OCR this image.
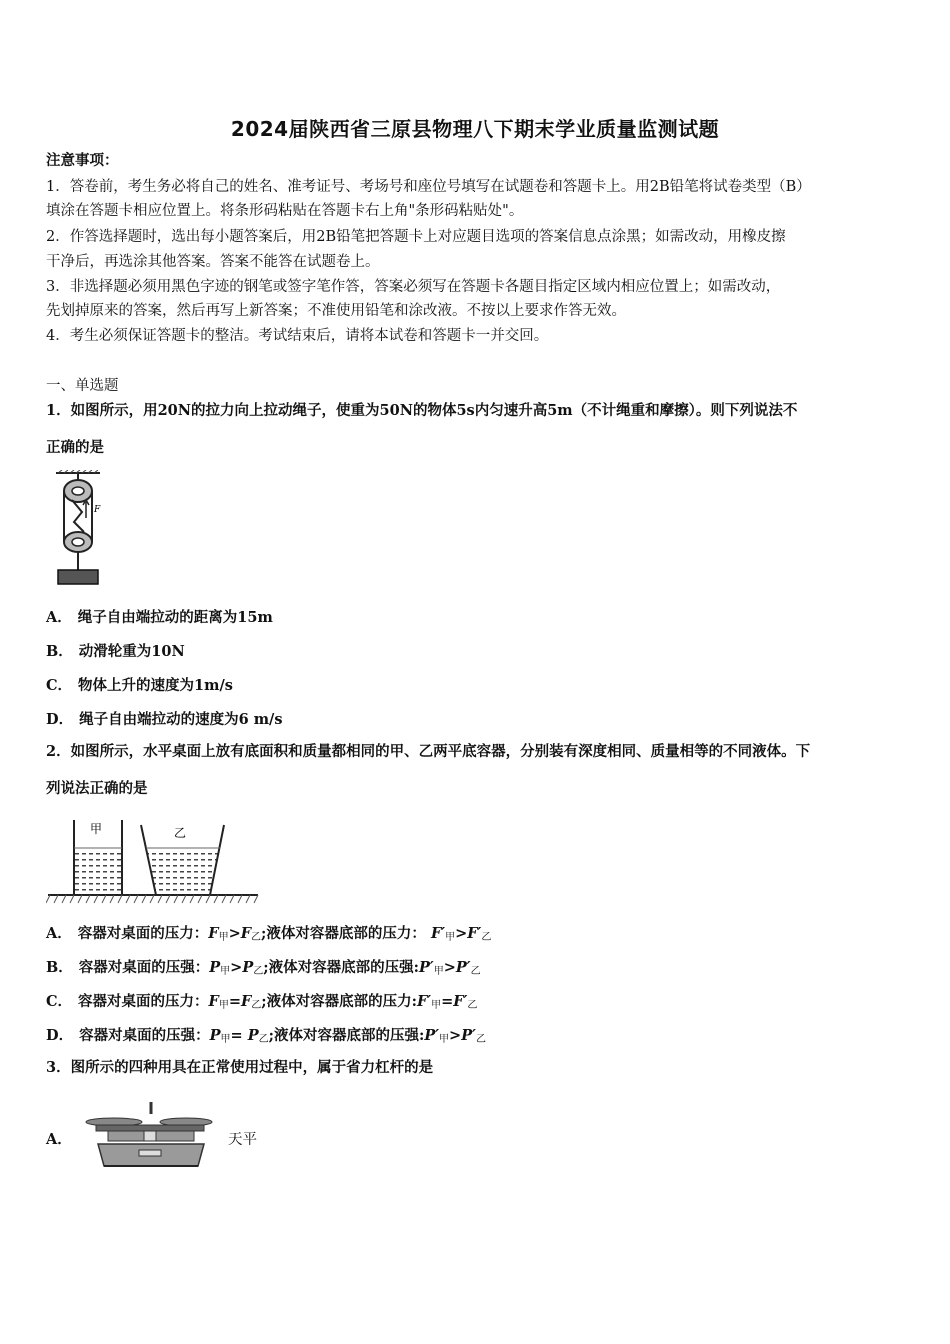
2024届陕西省三原县物理八下期末学业质量监测试题
注意事项：
1．答卷前，考生务必将自己的姓名、准考证号、考场号和座位号填写在试题卷和答题卡上。用2B铅笔将试卷类型（B）
填涂在答题卡相应位置上。将条形码粘贴在答题卡右上角"条形码粘贴处"。
2．作答选择题时，选出每小题答案后，用2B铅笔把答题卡上对应题目选项的答案信息点涂黑；如需改动，用橡皮擦
干净后，再选涂其他答案。答案不能答在试题卷上。
3．非选择题必须用黑色字迹的钢笔或签字笔作答，答案必须写在答题卡各题目指定区域内相应位置上；如需改动，
先划掉原来的答案，然后再写上新答案；不准使用铅笔和涂改液。不按以上要求作答无效。
4．考生必须保证答题卡的整洁。考试结束后，请将本试卷和答题卡一并交回。
一、单选题
1．如图所示，用20N的拉力向上拉动绳子，使重为50N的物体5s内匀速升高5m（不计绳重和摩擦）。则下列说法不
正确的是
F
A． 绳子自由端拉动的距离为15m
B． 动滑轮重为10N
C． 物体上升的速度为1m/s
D． 绳子自由端拉动的速度为6 m/s
2．如图所示，水平桌面上放有底面积和质量都相同的甲、乙两平底容器，分别装有深度相同、质量相等的不同液体。下
列说法正确的是
甲	乙
A． 容器对桌面的压力：$F_甲>F_乙$;液体对容器底部的压力： $F'_甲>F'_乙$
B． 容器对桌面的压强：$P_甲>P_乙$;液体对容器底部的压强$:P'_甲>P'_乙$
C． 容器对桌面的压力：$F_甲=F_乙$;液体对容器底部的压力$:F'_甲=F'_乙$
D． 容器对桌面的压强：$P_甲= P_乙$;液体对容器底部的压强$:P'_甲>P'_乙$
3．图所示的四种用具在正常使用过程中，属于省力杠杆的是
A．	天平
